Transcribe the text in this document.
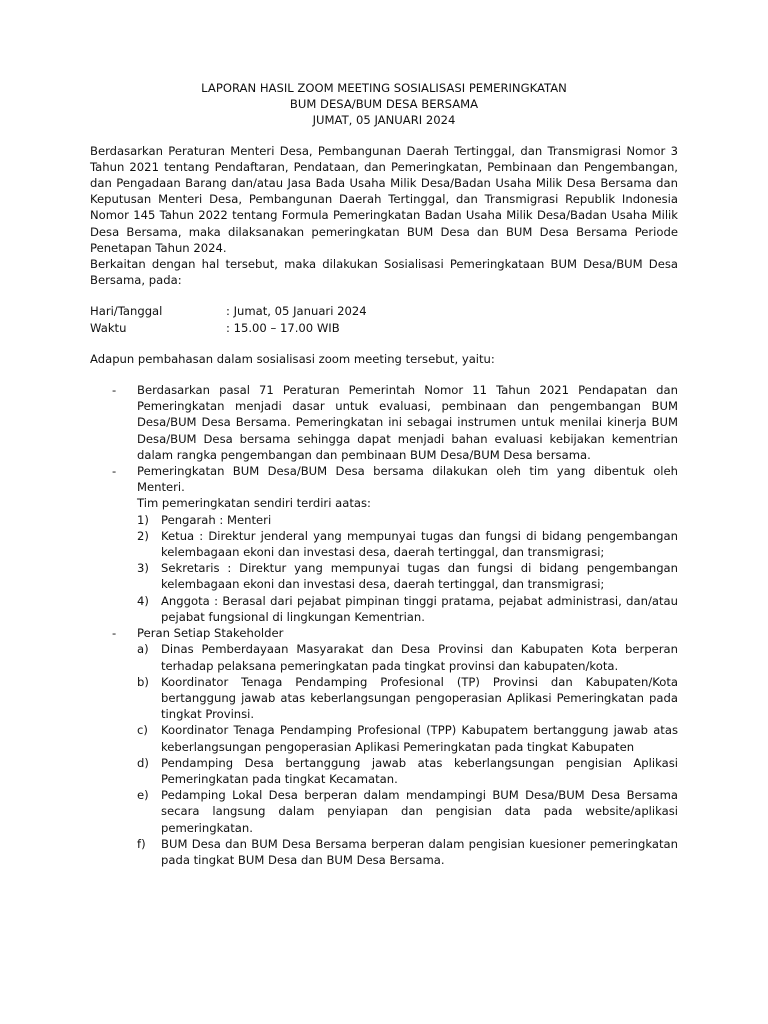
LAPORAN HASIL ZOOM MEETING SOSIALISASI PEMERINGKATAN

BUM DESA/BUM DESA BERSAMA

JUMAT, 05 JANUARI 2024

Berdasarkan Peraturan Menteri Desa, Pembangunan Daerah Tertinggal, dan Transmigrasi Nomor 3 Tahun 2021 tentang Pendaftaran, Pendataan, dan Pemeringkatan, Pembinaan dan Pengembangan, dan Pengadaan Barang dan/atau Jasa Bada Usaha Milik Desa/Badan Usaha Milik Desa Bersama dan Keputusan Menteri Desa, Pembangunan Daerah Tertinggal, dan Transmigrasi Republik Indonesia Nomor 145 Tahun 2022 tentang Formula Pemeringkatan Badan Usaha Milik Desa/Badan Usaha Milik Desa Bersama, maka dilaksanakan pemeringkatan BUM Desa dan BUM Desa Bersama Periode Penetapan Tahun 2024.

Berkaitan dengan hal tersebut, maka dilakukan Sosialisasi Pemeringkataan BUM Desa/BUM Desa Bersama, pada:

Hari/Tanggal	: Jumat, 05 Januari 2024
Waktu	: 15.00 – 17.00 WIB

Adapun pembahasan dalam sosialisasi zoom meeting tersebut, yaitu:

-	Berdasarkan pasal 71 Peraturan Pemerintah Nomor 11 Tahun 2021 Pendapatan dan Pemeringkatan menjadi dasar untuk evaluasi, pembinaan dan pengembangan BUM Desa/BUM Desa Bersama. Pemeringkatan ini sebagai instrumen untuk menilai kinerja BUM Desa/BUM Desa bersama sehingga dapat menjadi bahan evaluasi kebijakan kementrian dalam rangka pengembangan dan pembinaan BUM Desa/BUM Desa bersama.

-	Pemeringkatan BUM Desa/BUM Desa bersama dilakukan oleh tim yang dibentuk oleh Menteri.

Tim pemeringkatan sendiri terdiri aatas:

1)	Pengarah : Menteri
2)	Ketua : Direktur jenderal yang mempunyai tugas dan fungsi di bidang pengembangan kelembagaan ekoni dan investasi desa, daerah tertinggal, dan transmigrasi;
3)	Sekretaris : Direktur yang mempunyai tugas dan fungsi di bidang pengembangan kelembagaan ekoni dan investasi desa, daerah tertinggal, dan transmigrasi;
4)	Anggota : Berasal dari pejabat pimpinan tinggi pratama, pejabat administrasi, dan/atau pejabat fungsional di lingkungan Kementrian.
-	Peran Setiap Stakeholder

a)	Dinas Pemberdayaan Masyarakat dan Desa Provinsi dan Kabupaten Kota berperan terhadap pelaksana pemeringkatan pada tingkat provinsi dan kabupaten/kota.
b)	Koordinator Tenaga Pendamping Profesional (TP) Provinsi dan Kabupaten/Kota bertanggung jawab atas keberlangsungan pengoperasian Aplikasi Pemeringkatan pada tingkat Provinsi.
c)	Koordinator Tenaga Pendamping Profesional (TPP) Kabupatem bertanggung jawab atas keberlangsungan pengoperasian Aplikasi Pemeringkatan pada tingkat Kabupaten
d)	Pendamping Desa bertanggung jawab atas keberlangsungan pengisian Aplikasi Pemeringkatan pada tingkat Kecamatan.
e)	Pedamping Lokal Desa berperan dalam mendampingi BUM Desa/BUM Desa Bersama secara langsung dalam penyiapan dan pengisian data pada website/aplikasi pemeringkatan.
f)	BUM Desa dan BUM Desa Bersama berperan dalam pengisian kuesioner pemeringkatan pada tingkat BUM Desa dan BUM Desa Bersama.
